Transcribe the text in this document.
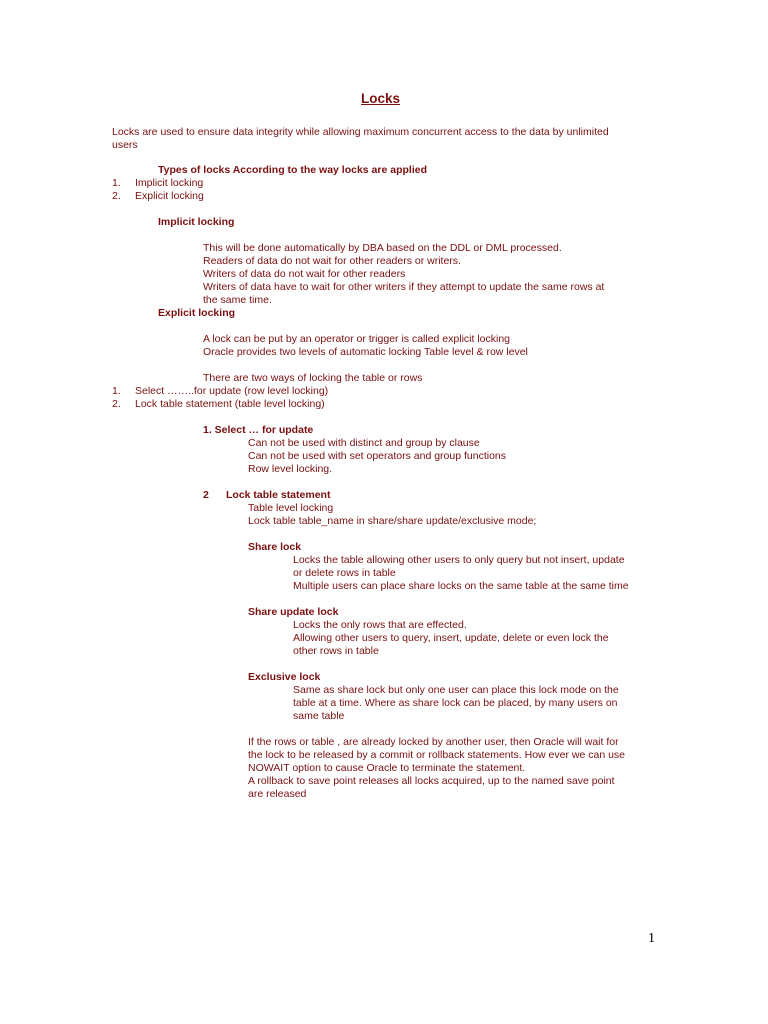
Locks
Locks are used to ensure data integrity while allowing maximum concurrent access to the data by unlimited
users
Types of locks According to the way locks are applied
1. Implicit locking
2. Explicit locking
Implicit locking
This will be done automatically by DBA based on the DDL or DML processed.
Readers of data do not wait for other readers or writers.
Writers of data do not wait for other readers
Writers of data have to wait for other writers if they attempt to update the same rows at
the same time.
Explicit locking
A lock can be put by an operator or trigger is called explicit locking
Oracle provides two levels of automatic locking Table level & row level
There are two ways of locking the table or rows
1. Select ……..for update (row level locking)
2. Lock table statement (table level locking)
1. Select … for update
Can not be used with distinct and group by clause
Can not be used with set operators and group functions
Row level locking.
2 Lock table statement
Table level locking
Lock table table_name in share/share update/exclusive mode;
Share lock
Locks the table allowing other users to only query but not insert, update
or delete rows in table
Multiple users can place share locks on the same table at the same time
Share update lock
Locks the only rows that are effected.
Allowing other users to query, insert, update, delete or even lock the
other rows in table
Exclusive lock
Same as share lock but only one user can place this lock mode on the
table at a time. Where as share lock can be placed, by many users on
same table
If the rows or table , are already locked by another user, then Oracle will wait for
the lock to be released by a commit or rollback statements. How ever we can use
NOWAIT option to cause Oracle to terminate the statement.
A rollback to save point releases all locks acquired, up to the named save point
are released
1
